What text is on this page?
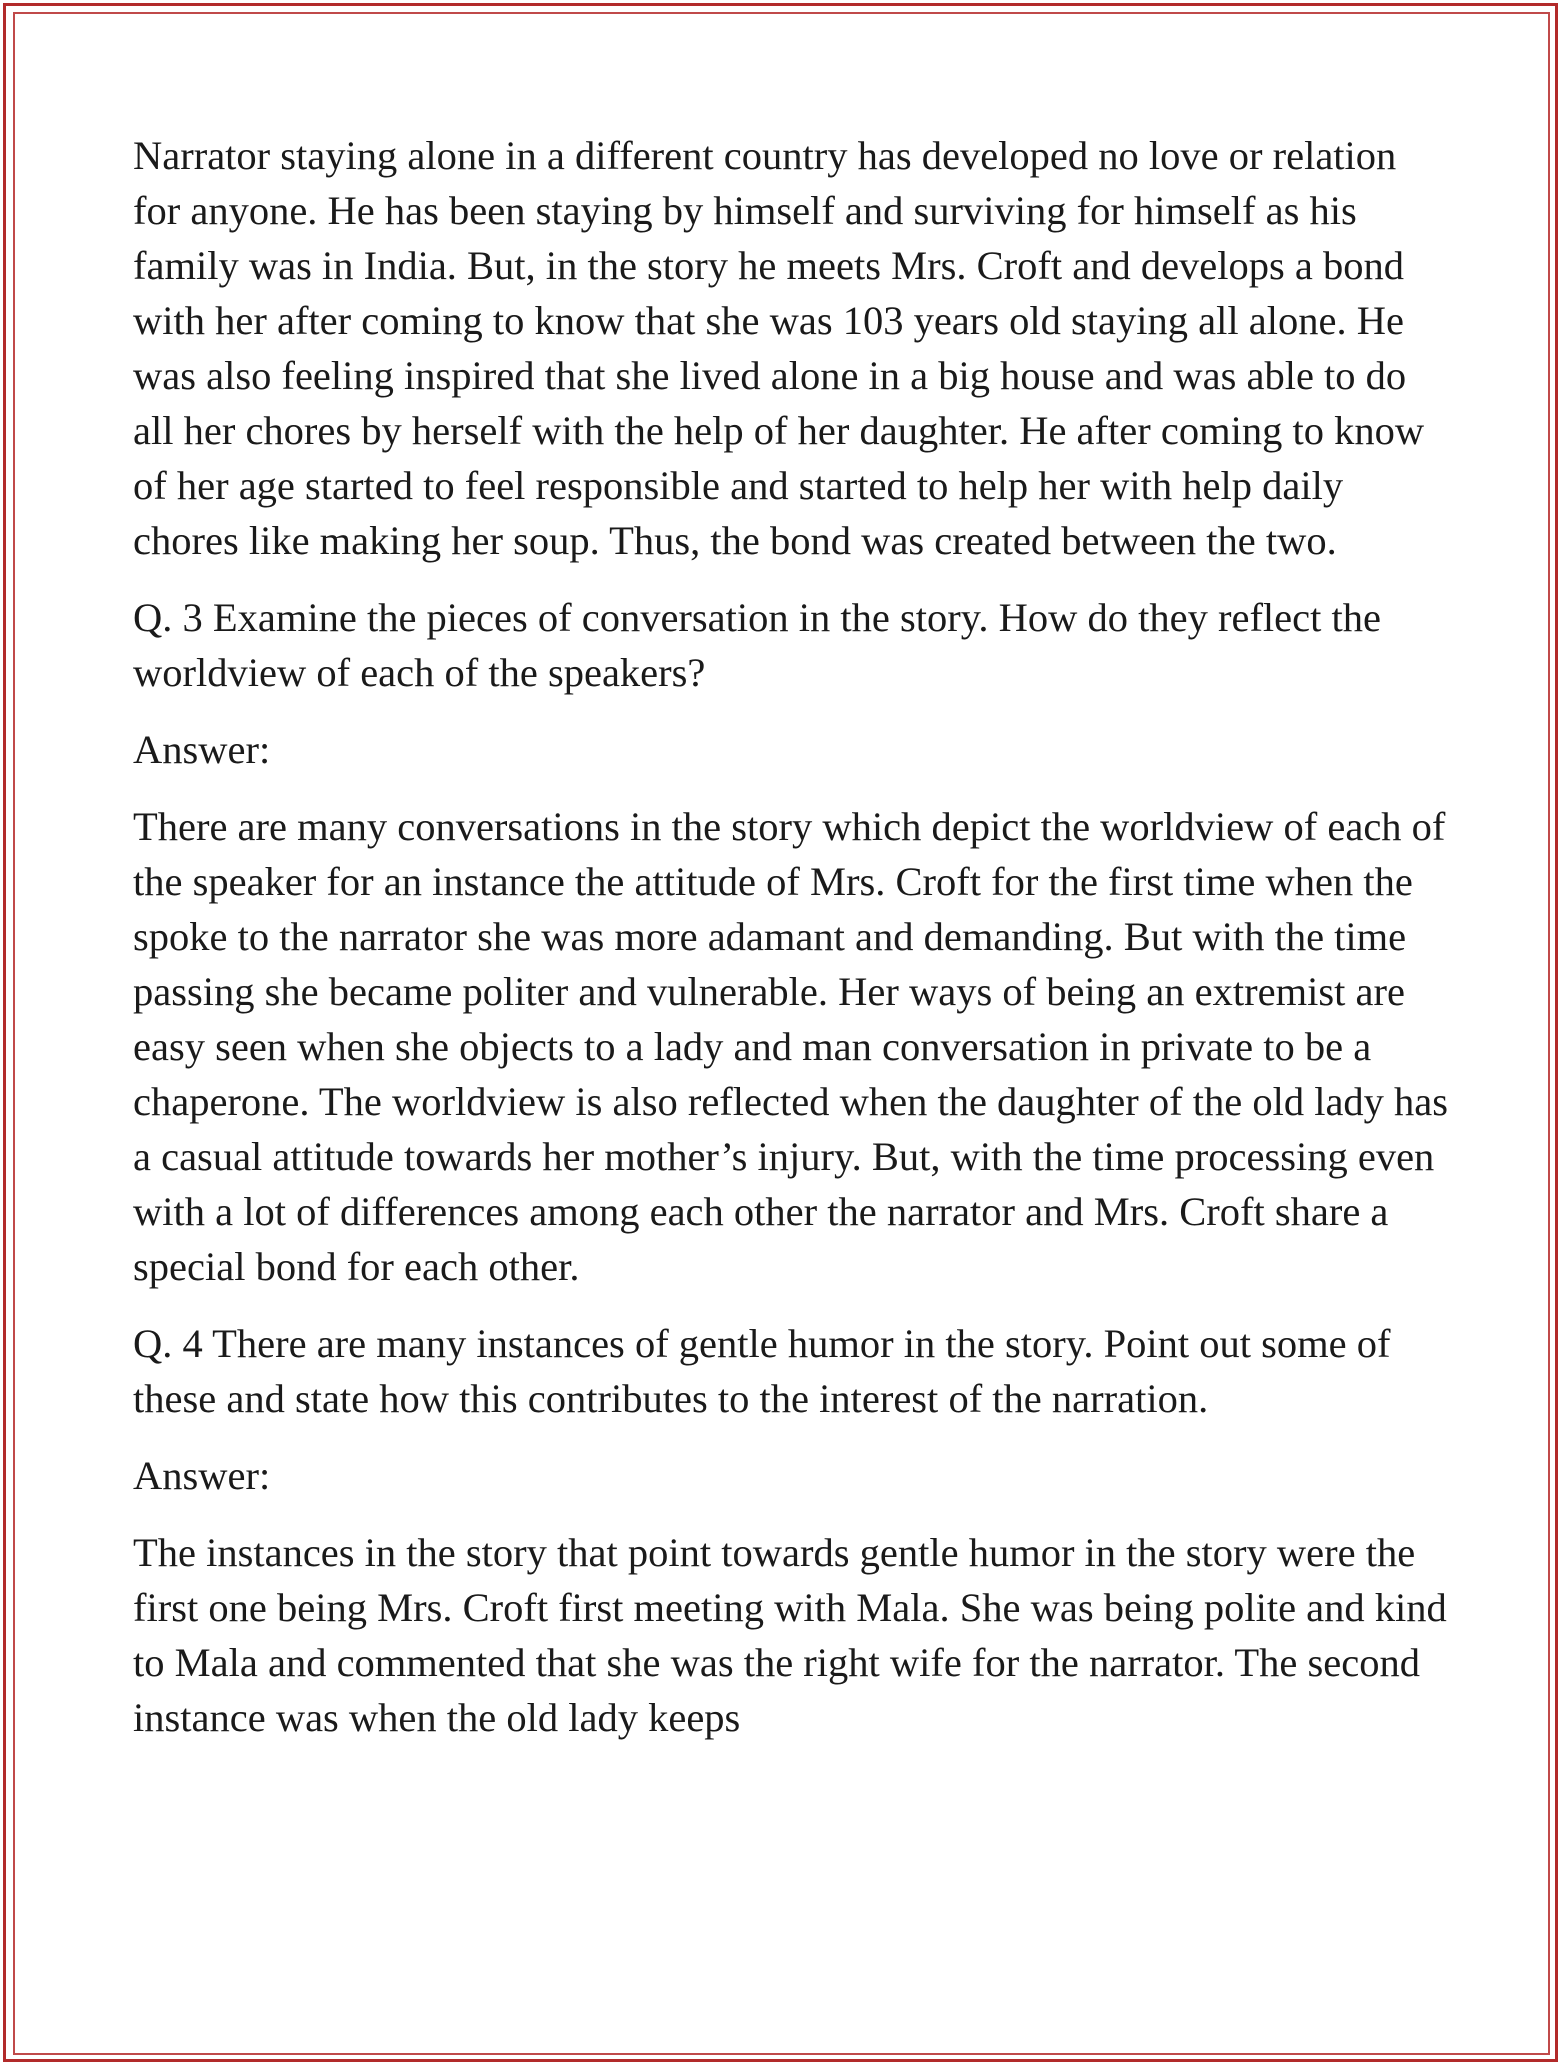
Narrator staying alone in a different country has developed no love or relation for anyone. He has been staying by himself and surviving for himself as his family was in India. But, in the story he meets Mrs. Croft and develops a bond with her after coming to know that she was 103 years old staying all alone. He was also feeling inspired that she lived alone in a big house and was able to do all her chores by herself with the help of her daughter. He after coming to know of her age started to feel responsible and started to help her with help daily chores like making her soup. Thus, the bond was created between the two.

Q. 3 Examine the pieces of conversation in the story. How do they reflect the worldview of each of the speakers?

Answer:

There are many conversations in the story which depict the worldview of each of the speaker for an instance the attitude of Mrs. Croft for the first time when the spoke to the narrator she was more adamant and demanding. But with the time passing she became politer and vulnerable. Her ways of being an extremist are easy seen when she objects to a lady and man conversation in private to be a chaperone. The worldview is also reflected when the daughter of the old lady has a casual attitude towards her mother’s injury. But, with the time processing even with a lot of differences among each other the narrator and Mrs. Croft share a special bond for each other.

Q. 4 There are many instances of gentle humor in the story. Point out some of these and state how this contributes to the interest of the narration.

Answer:

The instances in the story that point towards gentle humor in the story were the first one being Mrs. Croft first meeting with Mala. She was being polite and kind to Mala and commented that she was the right wife for the narrator. The second instance was when the old lady keeps
